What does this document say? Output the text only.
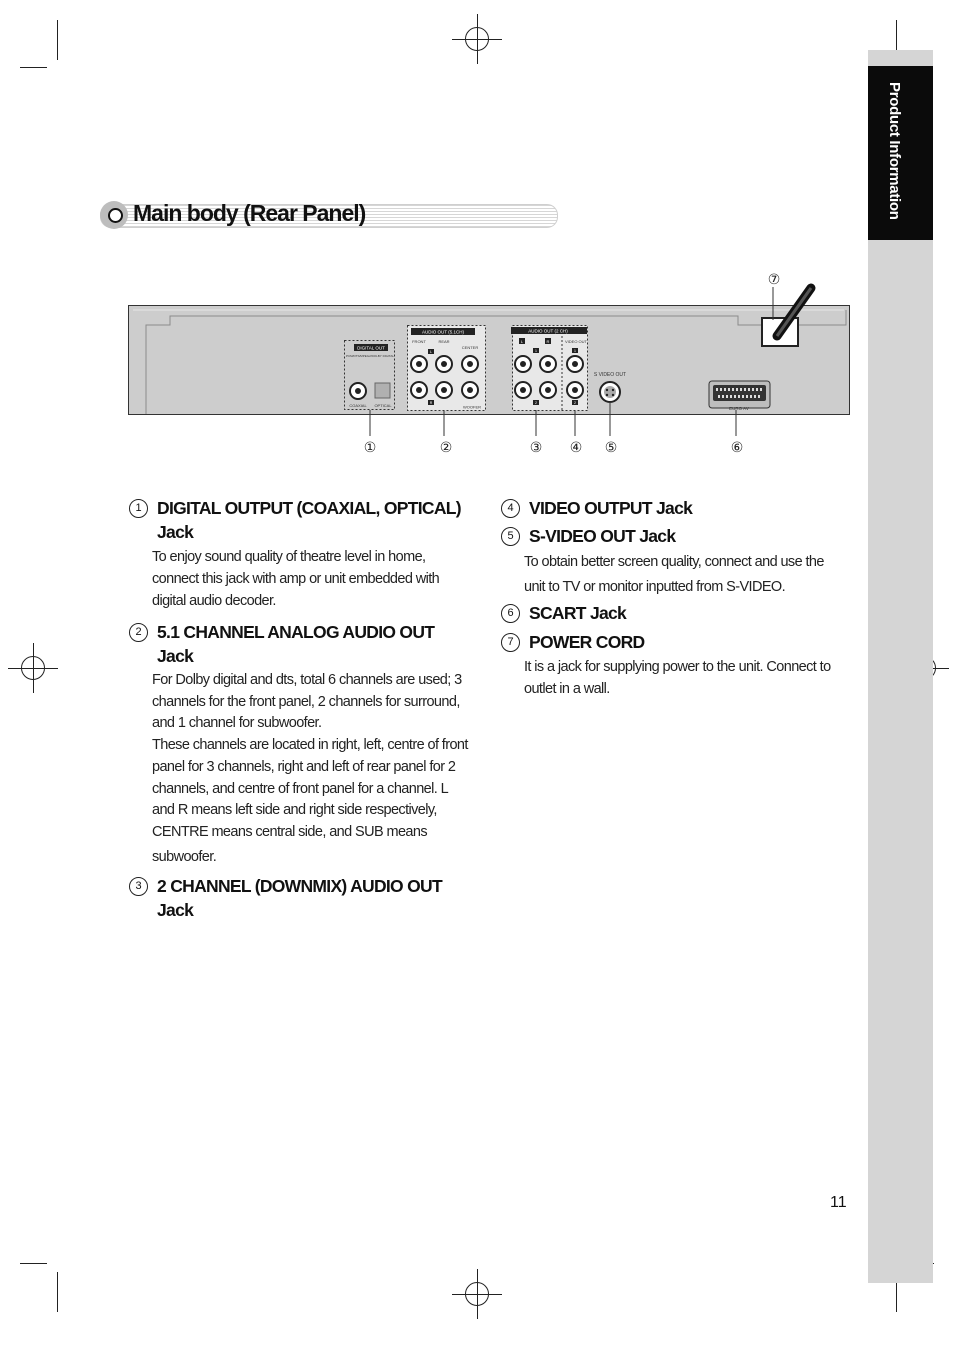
Product Information
Main body (Rear Panel)
DIGITAL OUT
PCM/DTS/MPEG2/DOLBY DIGITAL
COAXIAL OPTICAL
AUDIO OUT (5.1CH)
FRONT	REAR
CENTER
L
R
WOOFER
AUDIO OUT (2 CH)
L	R
1
2
VIDEO OUT
1
2
S VIDEO OUT
EURO AV
①	②	③ ④ ⑤	⑥
⑦
1 DIGITAL OUTPUT (COAXIAL, OPTICAL)
Jack
To enjoy sound quality of theatre level in home,
connect this jack with amp or unit embedded with
digital audio decoder.
2 5.1 CHANNEL ANALOG AUDIO OUT
Jack
For Dolby digital and dts, total 6 channels are used; 3
channels for the front panel, 2 channels for surround,
and 1 channel for subwoofer.
These channels are located in right, left, centre of front
panel for 3 channels, right and left of rear panel for 2
channels, and centre of front panel for a channel. L
and R means left side and right side respectively,
CENTRE means central side, and SUB means
subwoofer.
3 2 CHANNEL (DOWNMIX) AUDIO OUT
Jack
4 VIDEO OUTPUT Jack
5 S-VIDEO OUT Jack
To obtain better screen quality, connect and use the
unit to TV or monitor inputted from S-VIDEO.
6 SCART Jack
7 POWER CORD
It is a jack for supplying power to the unit. Connect to
outlet in a wall.
11
